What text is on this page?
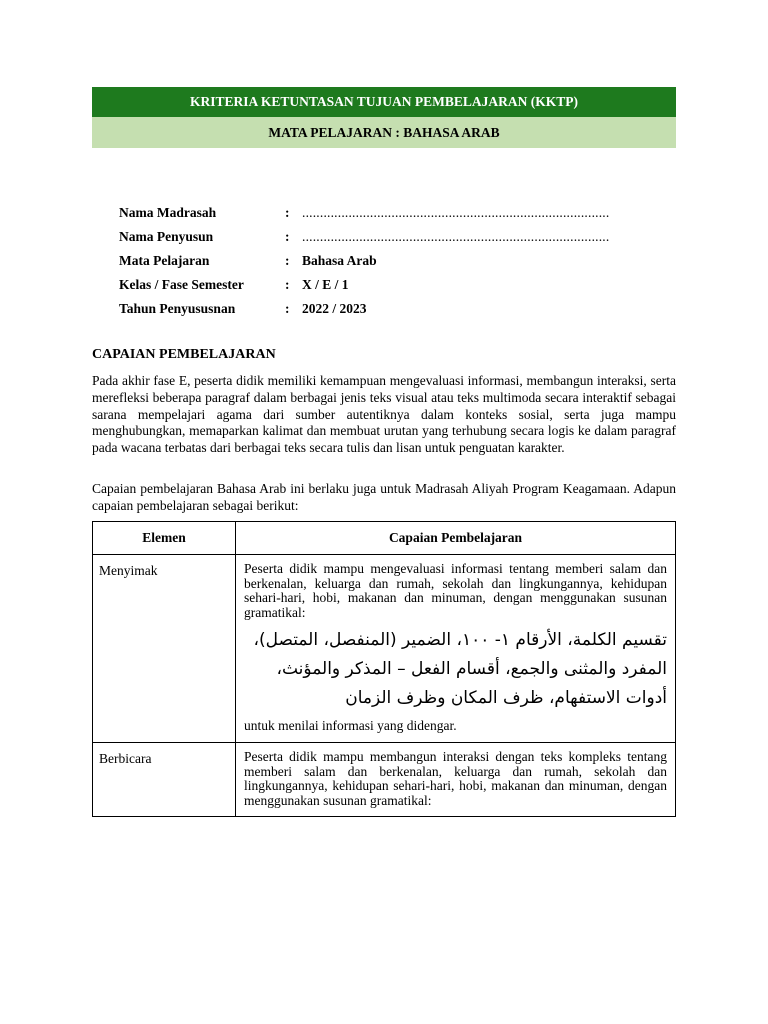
KRITERIA KETUNTASAN TUJUAN PEMBELAJARAN (KKTP)
MATA PELAJARAN : BAHASA ARAB
Nama Madrasah	: ......................................................................................
Nama Penyusun	: ......................................................................................
Mata Pelajaran	: Bahasa Arab
Kelas / Fase Semester	: X / E / 1
Tahun Penyususnan	: 2022 / 2023
CAPAIAN PEMBELAJARAN
Pada akhir fase E, peserta didik memiliki kemampuan mengevaluasi informasi, membangun interaksi, serta merefleksi beberapa paragraf dalam berbagai jenis teks visual atau teks multimoda secara interaktif sebagai sarana mempelajari agama dari sumber autentiknya dalam konteks sosial, serta juga mampu menghubungkan, memaparkan kalimat dan membuat urutan yang terhubung secara logis ke dalam paragraf pada wacana terbatas dari berbagai teks secara tulis dan lisan untuk penguatan karakter.
Capaian pembelajaran Bahasa Arab ini berlaku juga untuk Madrasah Aliyah Program Keagamaan. Adapun capaian pembelajaran sebagai berikut:
Elemen	Capaian Pembelajaran
Menyimak	Peserta didik mampu mengevaluasi informasi tentang memberi salam dan berkenalan, keluarga dan rumah, sekolah dan lingkungannya, kehidupan sehari-hari, hobi, makanan dan minuman, dengan menggunakan susunan gramatikal:
تقسيم الكلمة، الأرقام ١- ١٠٠، الضمير (المنفصل، المتصل)،
المفرد والمثنى والجمع، أقسام الفعل – المذكر والمؤنث،
أدوات الاستفهام، ظرف المكان وظرف الزمان
untuk menilai informasi yang didengar.

Berbicara	Peserta didik mampu membangun interaksi dengan teks kompleks tentang memberi salam dan berkenalan, keluarga dan rumah, sekolah dan lingkungannya, kehidupan sehari-hari, hobi, makanan dan minuman, dengan menggunakan susunan gramatikal:
